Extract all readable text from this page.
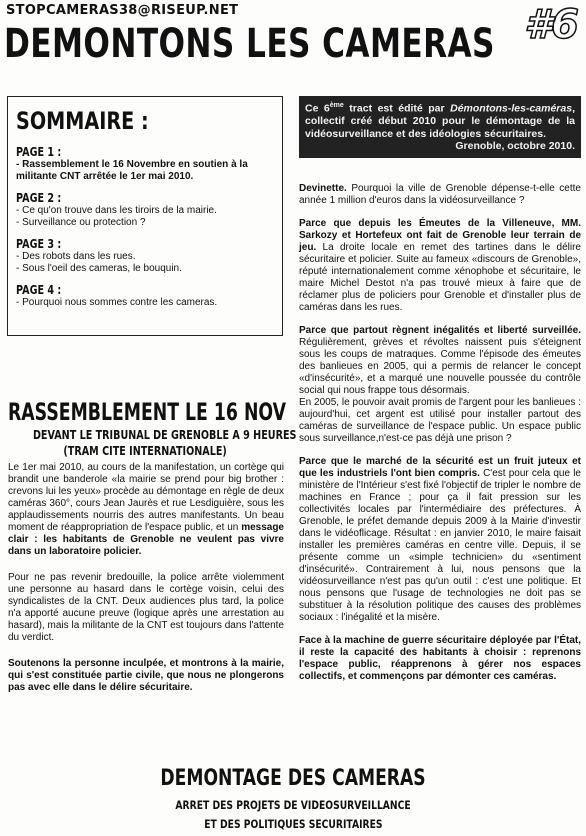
STOPCAMERAS38@RISEUP.NET	#6
DEMONTONS LES CAMERAS
SOMMAIRE :
PAGE 1 :
- Rassemblement le 16 Novembre en soutien à la militante CNT arrêtée le 1er mai 2010.
PAGE 2 :
- Ce qu'on trouve dans les tiroirs de la mairie.
- Surveillance ou protection ?
PAGE 3 :
- Des robots dans les rues.
- Sous l'oeil des cameras, le bouquin.
PAGE 4 :
- Pourquoi nous sommes contre les cameras.
Ce 6ème tract est édité par Démontons-les-caméras, collectif créé début 2010 pour le démontage de la vidéosurveillance et des idéologies sécuritaires.
Grenoble, octobre 2010.
RASSEMBLEMENT LE 16 NOV
DEVANT LE TRIBUNAL DE GRENOBLE A 9 HEURES
(TRAM CITE INTERNATIONALE)

Le 1er mai 2010, au cours de la manifestation, un cortège qui brandit une banderole «la mairie se prend pour big brother : crevons lui les yeux» procède au démontage en règle de deux caméras 360°, cours Jean Jaurès et rue Lesdiguière, sous les applaudissements nourris des autres manifestants. Un beau moment de réappropriation de l'espace public, et un message clair : les habitants de Grenoble ne veulent pas vivre dans un laboratoire policier.

Pour ne pas revenir bredouille, la police arrête violemment une personne au hasard dans le cortège voisin, celui des syndicalistes de la CNT. Deux audiences plus tard, la police n'a apporté aucune preuve (logique après une arrestation au hasard), mais la militante de la CNT est toujours dans l'attente du verdict.

Soutenons la personne inculpée, et montrons à la mairie, qui s'est constituée partie civile, que nous ne plongerons pas avec elle dans le délire sécuritaire.

Devinette. Pourquoi la ville de Grenoble dépense-t-elle cette année 1 million d'euros dans la vidéosurveillance ?

Parce que depuis les Émeutes de la Villeneuve, MM. Sarkozy et Hortefeux ont fait de Grenoble leur terrain de jeu. La droite locale en remet des tartines dans le délire sécuritaire et policier. Suite au fameux «discours de Grenoble», réputé internationalement comme xénophobe et sécuritaire, le maire Michel Destot n'a pas trouvé mieux à faire que de réclamer plus de policiers pour Grenoble et d'installer plus de caméras dans les rues.

Parce que partout règnent inégalités et liberté surveillée. Régulièrement, grèves et révoltes naissent puis s'éteignent sous les coups de matraques. Comme l'épisode des émeutes des banlieues en 2005, qui a permis de relancer le concept «d'insécurité», et a marqué une nouvelle poussée du contrôle social qui nous frappe tous désormais.

En 2005, le pouvoir avait promis de l'argent pour les banlieues : aujourd'hui, cet argent est utilisé pour installer partout des caméras de surveillance de l'espace public. Un espace public sous surveillance,n'est-ce pas déjà une prison ?

Parce que le marché de la sécurité est un fruit juteux et que les industriels l'ont bien compris. C'est pour cela que le ministère de l'Intérieur s'est fixé l'objectif de tripler le nombre de machines en France ; pour ça il fait pression sur les collectivités locales par l'intermédiaire des préfectures. À Grenoble, le préfet demande depuis 2009 à la Mairie d'investir dans le vidéoflicage. Résultat : en janvier 2010, le maire faisait installer les premières caméras en centre ville. Depuis, il se présente comme un «simple technicien» du «sentiment d'insécurité». Contrairement à lui, nous pensons que la vidéosurveillance n'est pas qu'un outil : c'est une politique. Et nous pensons que l'usage de technologies ne doit pas se substituer à la résolution politique des causes des problèmes sociaux : l'inégalité et la misère.

Face à la machine de guerre sécuritaire déployée par l'État, il reste la capacité des habitants à choisir : reprenons l'espace public, réapprenons à gérer nos espaces collectifs, et commençons par démonter ces caméras.

DEMONTAGE DES CAMERAS
ARRET DES PROJETS DE VIDEOSURVEILLANCE
ET DES POLITIQUES SECURITAIRES
